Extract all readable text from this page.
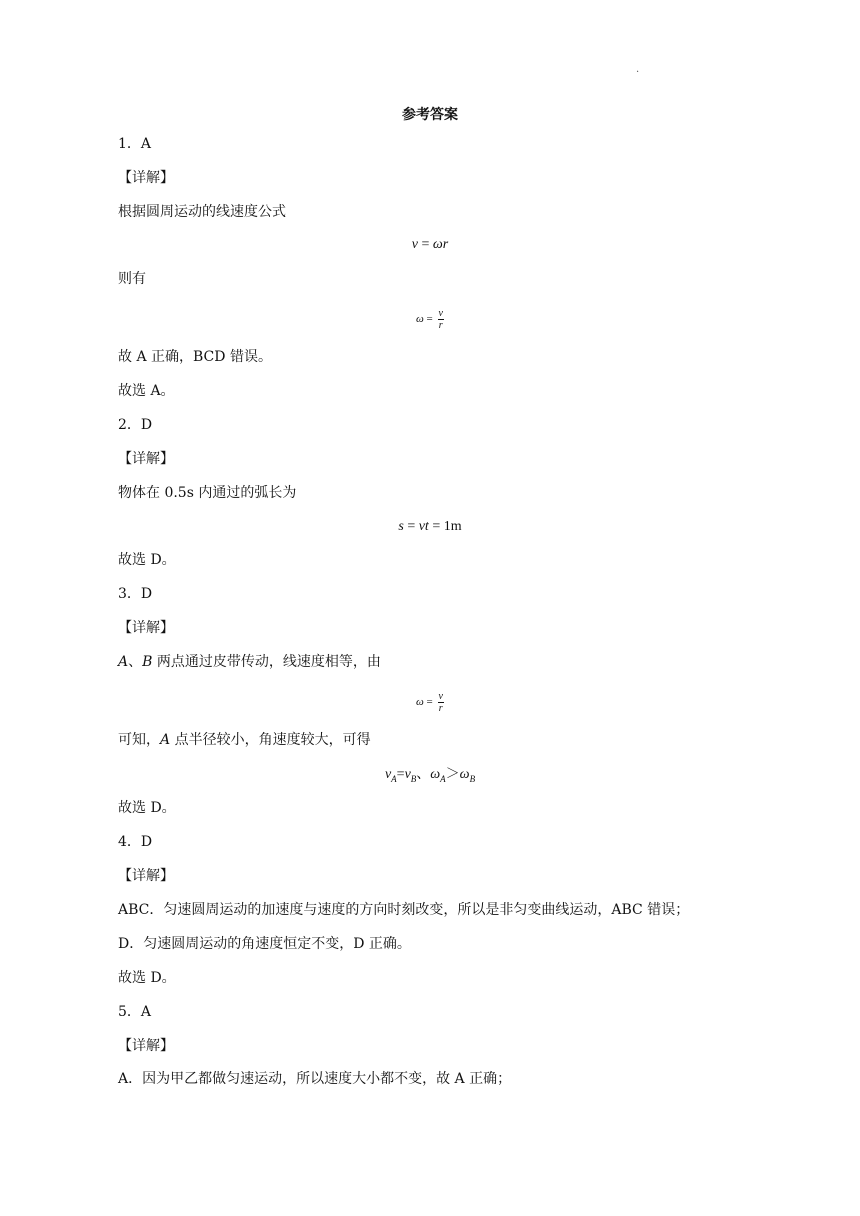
.
参考答案
1．A
【详解】
根据圆周运动的线速度公式
v = ωr
则有
$\omega = \frac{v}{r}$
故 A 正确，BCD 错误。
故选 A。
2．D
【详解】
物体在 0.5s 内通过的弧长为
s = vt = 1m
故选 D。
3．D
【详解】
A、B 两点通过皮带传动，线速度相等，由
$\omega = \frac{v}{r}$
可知，A 点半径较小，角速度较大，可得
$v_A=v_B$、$\omega_A>\omega_B$
故选 D。
4．D
【详解】
ABC．匀速圆周运动的加速度与速度的方向时刻改变，所以是非匀变曲线运动，ABC 错误；
D．匀速圆周运动的角速度恒定不变，D 正确。
故选 D。
5．A
【详解】
A．因为甲乙都做匀速运动，所以速度大小都不变，故 A 正确；
